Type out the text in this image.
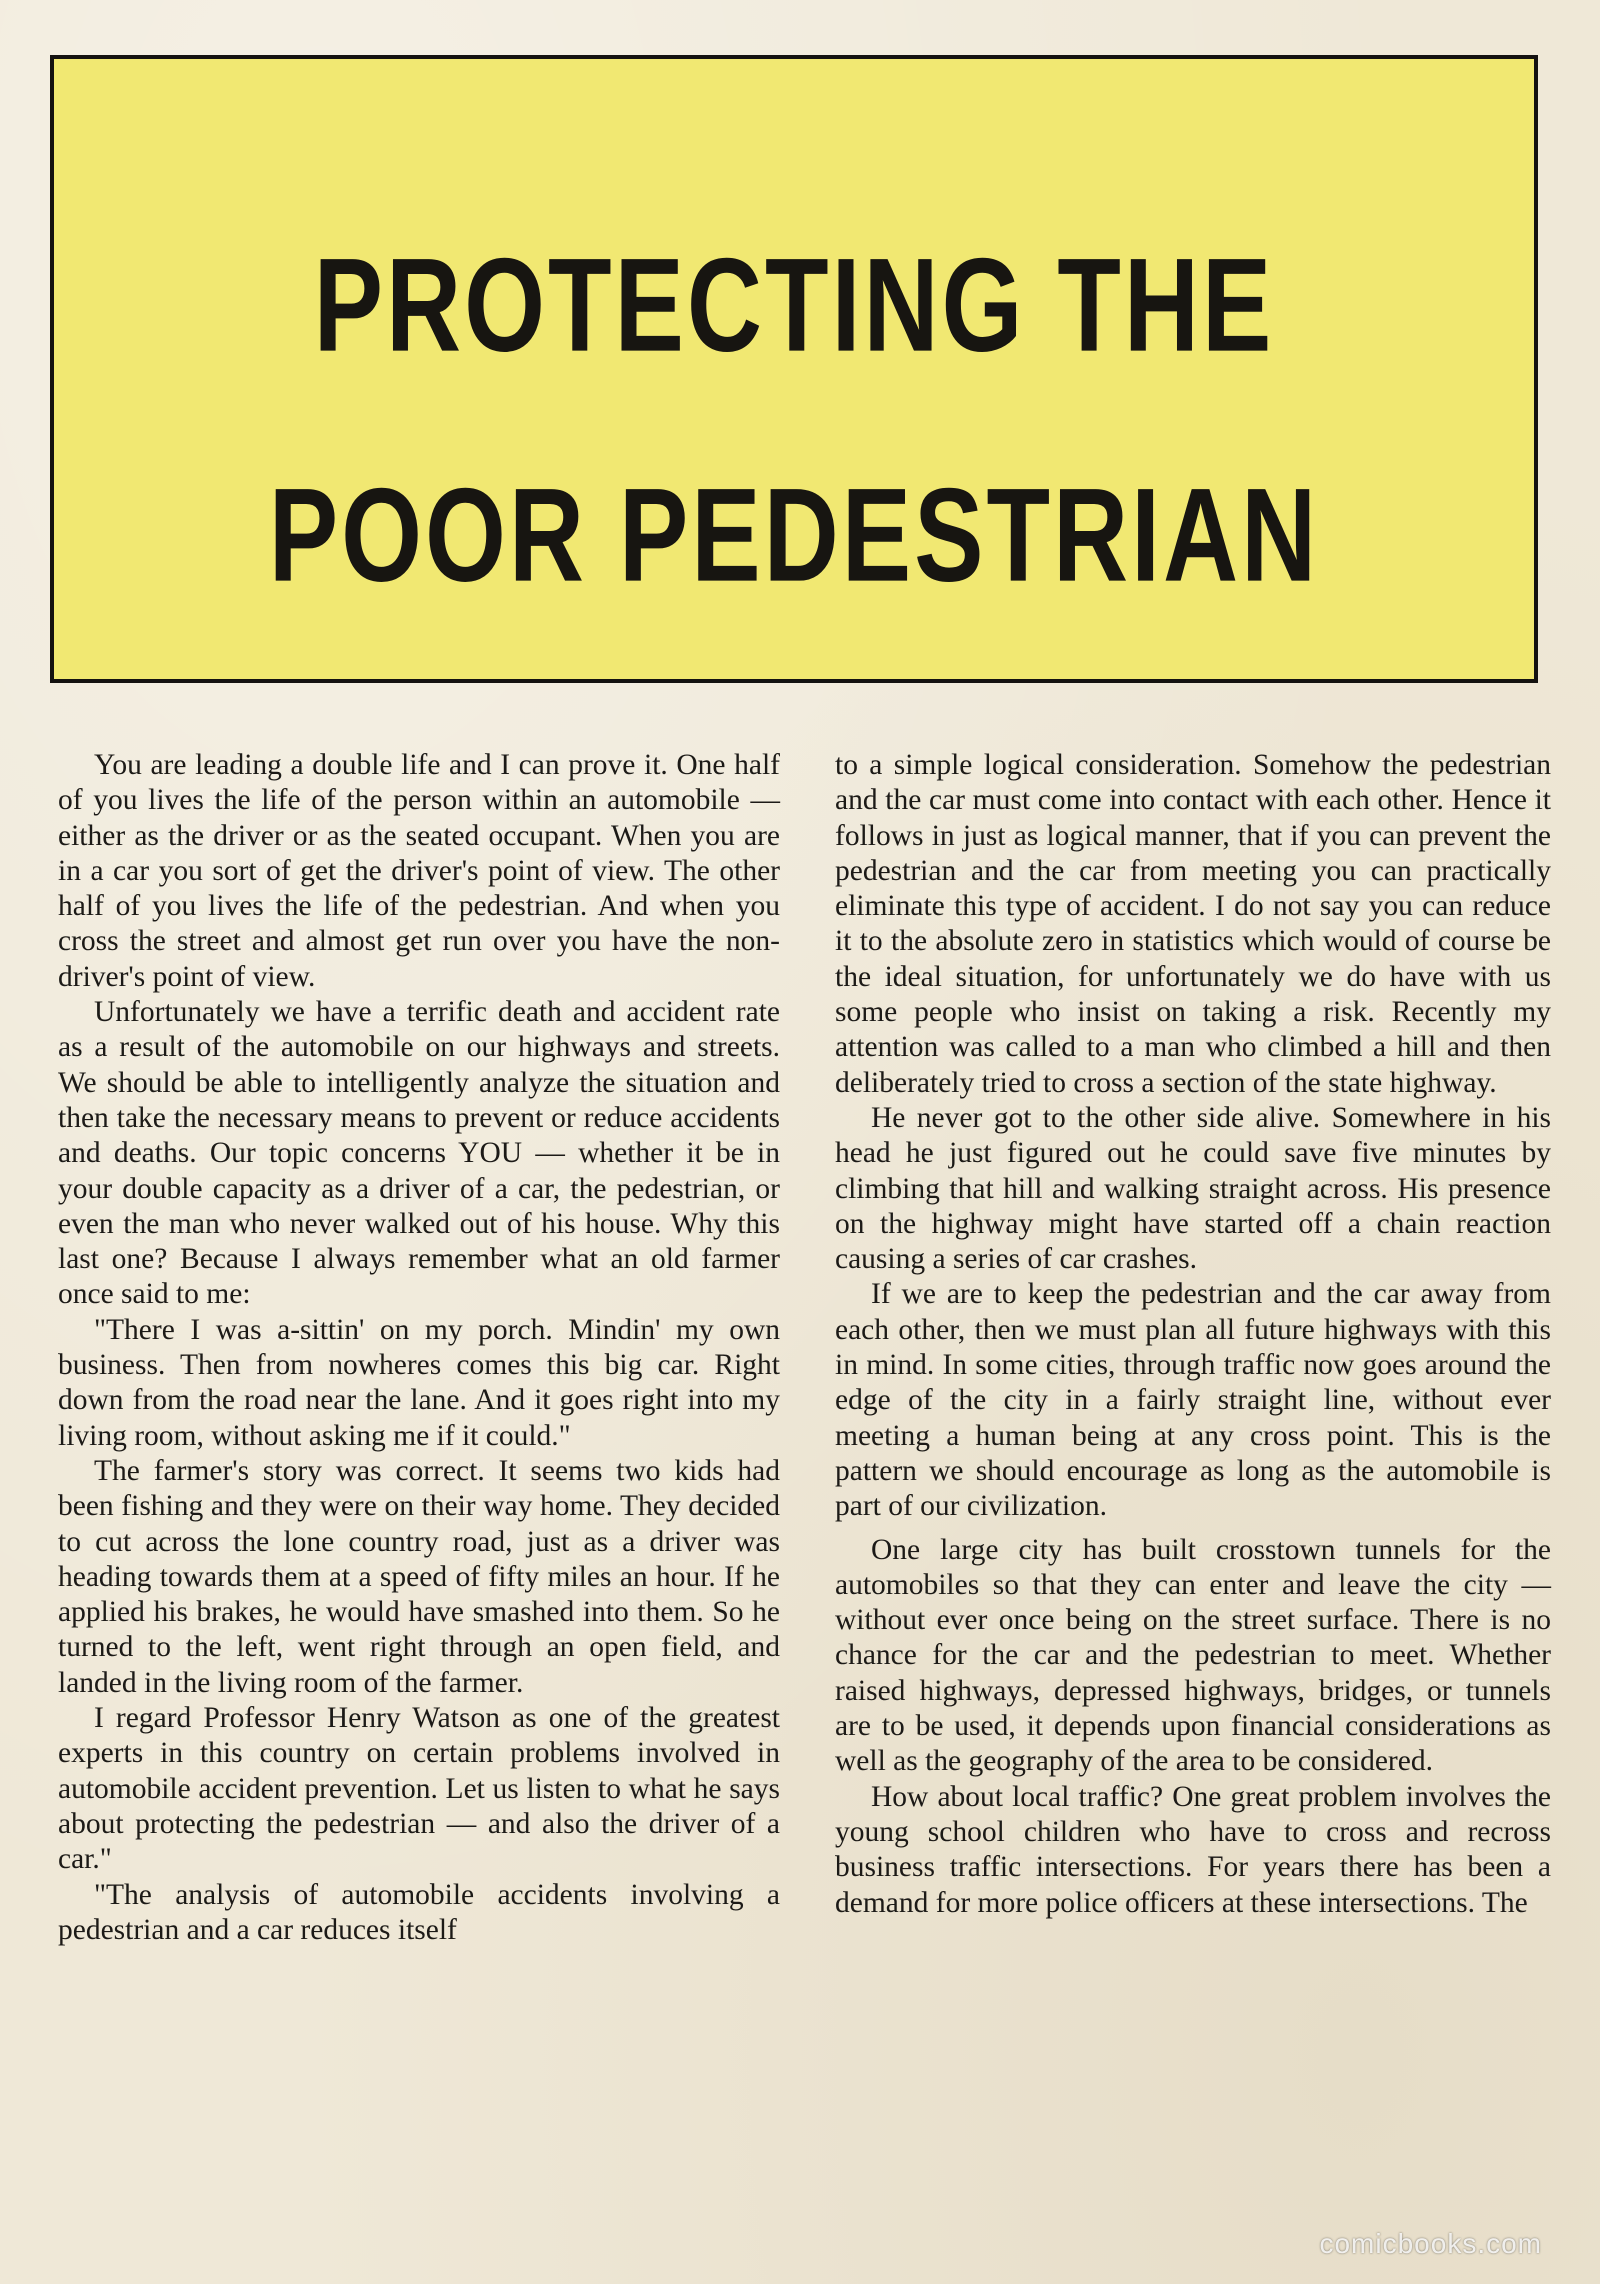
PROTECTING THE
POOR PEDESTRIAN

You are leading a double life and I can prove it. One half of you lives the life of the person within an automobile — either as the driver or as the seated occupant. When you are in a car you sort of get the driver's point of view. The other half of you lives the life of the pedestrian. And when you cross the street and almost get run over you have the non-driver's point of view.

Unfortunately we have a terrific death and accident rate as a result of the automobile on our highways and streets. We should be able to intelligently analyze the situation and then take the necessary means to prevent or reduce accidents and deaths. Our topic concerns YOU — whether it be in your double capacity as a driver of a car, the pedestrian, or even the man who never walked out of his house. Why this last one? Because I always remember what an old farmer once said to me:

"There I was a-sittin' on my porch. Mindin' my own business. Then from nowheres comes this big car. Right down from the road near the lane. And it goes right into my living room, without asking me if it could."

The farmer's story was correct. It seems two kids had been fishing and they were on their way home. They decided to cut across the lone country road, just as a driver was heading towards them at a speed of fifty miles an hour. If he applied his brakes, he would have smashed into them. So he turned to the left, went right through an open field, and landed in the living room of the farmer.

I regard Professor Henry Watson as one of the greatest experts in this country on certain problems involved in automobile accident prevention. Let us listen to what he says about protecting the pedestrian — and also the driver of a car."

"The analysis of automobile accidents involving a pedestrian and a car reduces itself

to a simple logical consideration. Somehow the pedestrian and the car must come into contact with each other. Hence it follows in just as logical manner, that if you can prevent the pedestrian and the car from meeting you can practically eliminate this type of accident. I do not say you can reduce it to the absolute zero in statistics which would of course be the ideal situation, for unfortunately we do have with us some people who insist on taking a risk. Recently my attention was called to a man who climbed a hill and then deliberately tried to cross a section of the state highway.

He never got to the other side alive. Somewhere in his head he just figured out he could save five minutes by climbing that hill and walking straight across. His presence on the highway might have started off a chain reaction causing a series of car crashes.

If we are to keep the pedestrian and the car away from each other, then we must plan all future highways with this in mind. In some cities, through traffic now goes around the edge of the city in a fairly straight line, without ever meeting a human being at any cross point. This is the pattern we should encourage as long as the automobile is part of our civilization.

One large city has built crosstown tunnels for the automobiles so that they can enter and leave the city — without ever once being on the street surface. There is no chance for the car and the pedestrian to meet. Whether raised highways, depressed highways, bridges, or tunnels are to be used, it depends upon financial considerations as well as the geography of the area to be considered.

How about local traffic? One great problem involves the young school children who have to cross and recross business traffic intersections. For years there has been a demand for more police officers at these intersections. The

comicbooks.com
